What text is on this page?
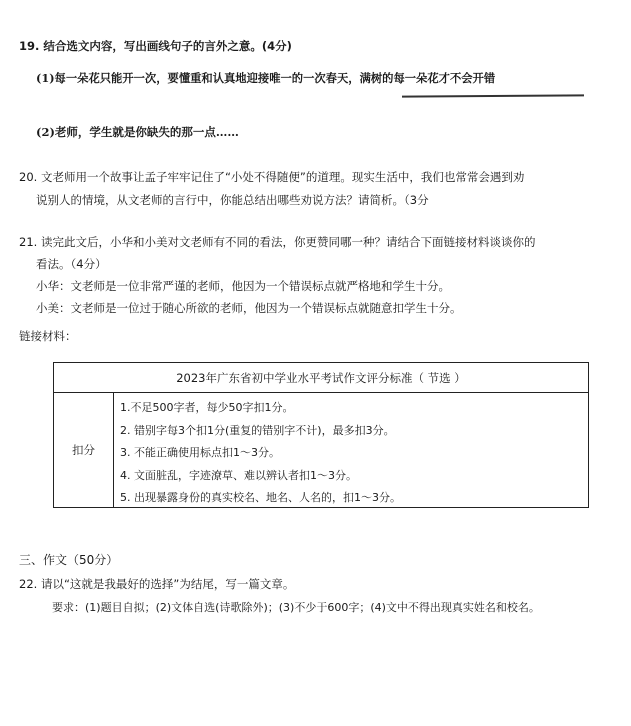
19. 结合选文内容，写出画线句子的言外之意。(4分)
(1)每一朵花只能开一次，要懂重和认真地迎接唯一的一次春天，满树的每一朵花才不会开错
(2)老师，学生就是你缺失的那一点……
20. 文老师用一个故事让孟子牢牢记住了“小处不得随便”的道理。现实生活中，我们也常常会遇到劝
说别人的情境，从文老师的言行中，你能总结出哪些劝说方法？请简析。（3分
21. 读完此文后，小华和小美对文老师有不同的看法，你更赞同哪一种？请结合下面链接材料谈谈你的
看法。（4分）
小华：文老师是一位非常严谨的老师，他因为一个错误标点就严格地和学生十分。
小美：文老师是一位过于随心所欲的老师，他因为一个错误标点就随意扣学生十分。
链接材料：
2023年广东省初中学业水平考试作文评分标准（ 节选 ）
扣分
1.不足500字者，每少50字扣1分。
2. 错别字每3个扣1分(重复的错别字不计)，最多扣3分。
3. 不能正确使用标点扣1～3分。
4. 文面脏乱，字迹潦草、难以辨认者扣1～3分。
5. 出现暴露身份的真实校名、地名、人名的，扣1～3分。
三、作文（50分）
22. 请以“这就是我最好的选择”为结尾，写一篇文章。
要求：(1)题目自拟；(2)文体自选(诗歌除外)；(3)不少于600字；(4)文中不得出现真实姓名和校名。
